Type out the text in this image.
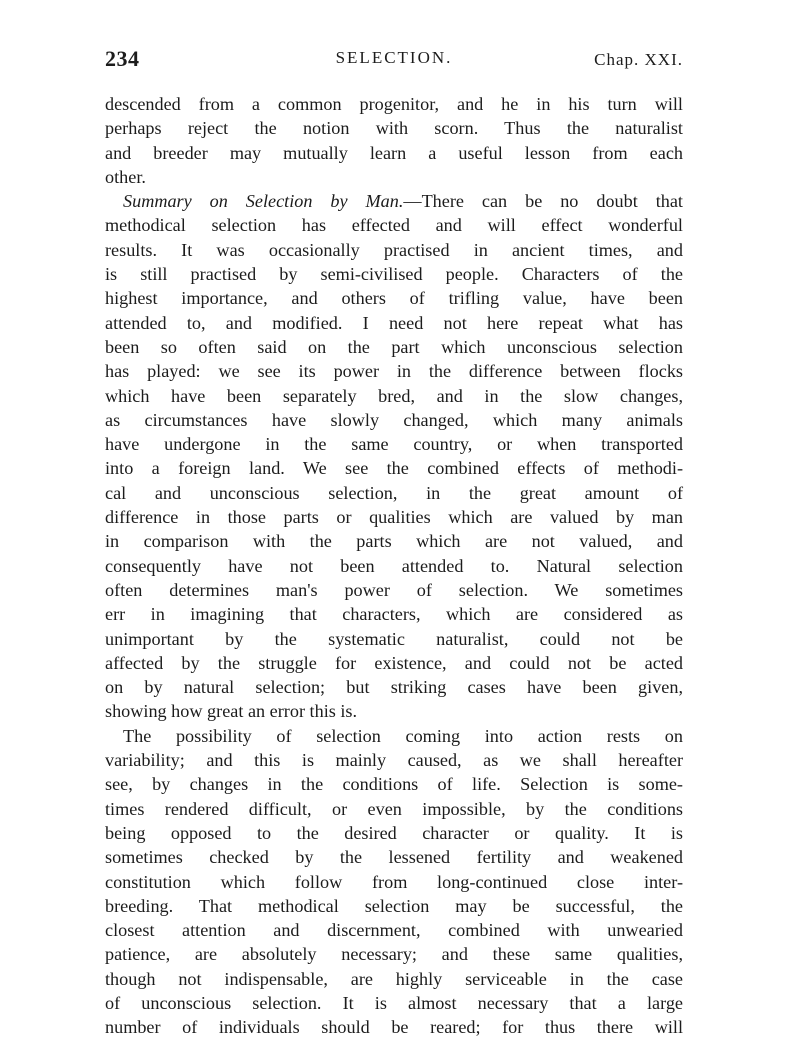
234	SELECTION.	Chap. XXI.
descended from a common progenitor, and he in his turn will
perhaps reject the notion with scorn. Thus the naturalist
and breeder may mutually learn a useful lesson from each
other.
Summary on Selection by Man.—There can be no doubt that
methodical selection has effected and will effect wonderful
results. It was occasionally practised in ancient times, and
is still practised by semi-civilised people. Characters of the
highest importance, and others of trifling value, have been
attended to, and modified. I need not here repeat what has
been so often said on the part which unconscious selection
has played: we see its power in the difference between flocks
which have been separately bred, and in the slow changes,
as circumstances have slowly changed, which many animals
have undergone in the same country, or when transported
into a foreign land. We see the combined effects of methodi-
cal and unconscious selection, in the great amount of
difference in those parts or qualities which are valued by man
in comparison with the parts which are not valued, and
consequently have not been attended to. Natural selection
often determines man's power of selection. We sometimes
err in imagining that characters, which are considered as
unimportant by the systematic naturalist, could not be
affected by the struggle for existence, and could not be acted
on by natural selection; but striking cases have been given,
showing how great an error this is.
The possibility of selection coming into action rests on
variability; and this is mainly caused, as we shall hereafter
see, by changes in the conditions of life. Selection is some-
times rendered difficult, or even impossible, by the conditions
being opposed to the desired character or quality. It is
sometimes checked by the lessened fertility and weakened
constitution which follow from long-continued close inter-
breeding. That methodical selection may be successful, the
closest attention and discernment, combined with unwearied
patience, are absolutely necessary; and these same qualities,
though not indispensable, are highly serviceable in the case
of unconscious selection. It is almost necessary that a large
number of individuals should be reared; for thus there will
